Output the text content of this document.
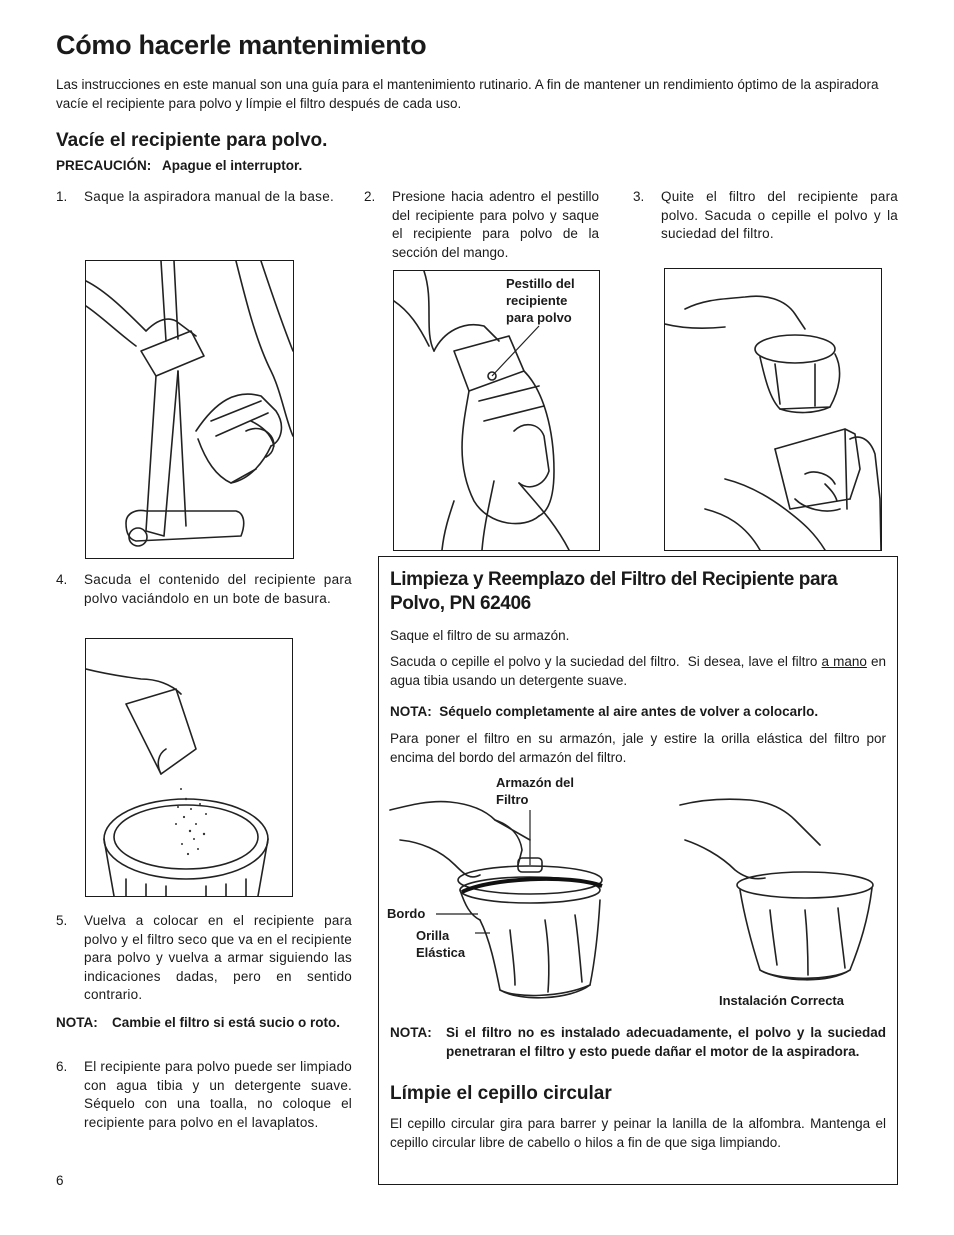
Cómo hacerle mantenimiento
Las instrucciones en este manual son una guía para el mantenimiento rutinario. A fin de mantener un rendimiento óptimo de la aspiradora vacíe el recipiente para polvo y límpie el filtro después de cada uso.
Vacíe el recipiente para polvo.
PRECAUCIÓN:   Apague el interruptor.
1. Saque la aspiradora manual de la base.	2. Presione hacia adentro el pestillo del recipiente para polvo y saque el recipiente para polvo de la sección del mango.
3. Quite el filtro del recipiente para polvo. Sacuda o cepille el polvo y la suciedad del filtro.
Pestillo del recipiente para polvo
4. Sacuda el contenido del recipiente para polvo vaciándolo en un bote de basura.
5. Vuelva a colocar en el recipiente para polvo y el filtro seco que va en el recipiente para polvo y vuelva a armar siguiendo las indicaciones dadas, pero en sentido contrario.
NOTA: Cambie el filtro si está sucio o roto.
6. El recipiente para polvo puede ser limpiado con agua tibia y un detergente suave. Séquelo con una toalla, no coloque el recipiente para polvo en el lavaplatos.
6
Limpieza y Reemplazo del Filtro del Recipiente para Polvo, PN 62406
Saque el filtro de su armazón.
Sacuda o cepille el polvo y la suciedad del filtro.  Si desea, lave el filtro a mano en agua tibia usando un detergente suave.
NOTA:  Séquelo completamente al aire antes de volver a colocarlo.
Para poner el filtro en su armazón, jale y estire la orilla elástica del filtro por encima del bordo del armazón del filtro.
Armazón del Filtro
Bordo
Orilla Elástica
Instalación Correcta
NOTA: Si el filtro no es instalado adecuadamente, el polvo y la suciedad penetraran el filtro y esto puede dañar el motor de la aspiradora.
Límpie el cepillo circular
El cepillo circular gira para barrer y peinar la lanilla de la alfombra. Mantenga el cepillo circular libre de cabello o hilos a fin de que siga limpiando.
